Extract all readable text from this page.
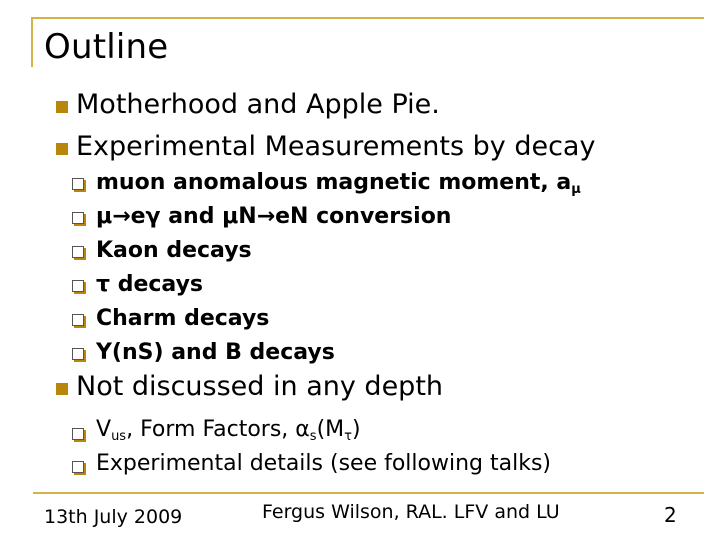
Outline
Motherhood and Apple Pie.
Experimental Measurements by decay
muon anomalous magnetic moment, $a_\mu$
μ→eγ and μN→eN conversion
Kaon decays
τ decays
Charm decays
Υ(nS) and B decays
Not discussed in any depth
$V_{us}$, Form Factors, $\alpha_s(M_\tau)$
Experimental details (see following talks)
13th July 2009	Fergus Wilson, RAL. LFV and LU	2
